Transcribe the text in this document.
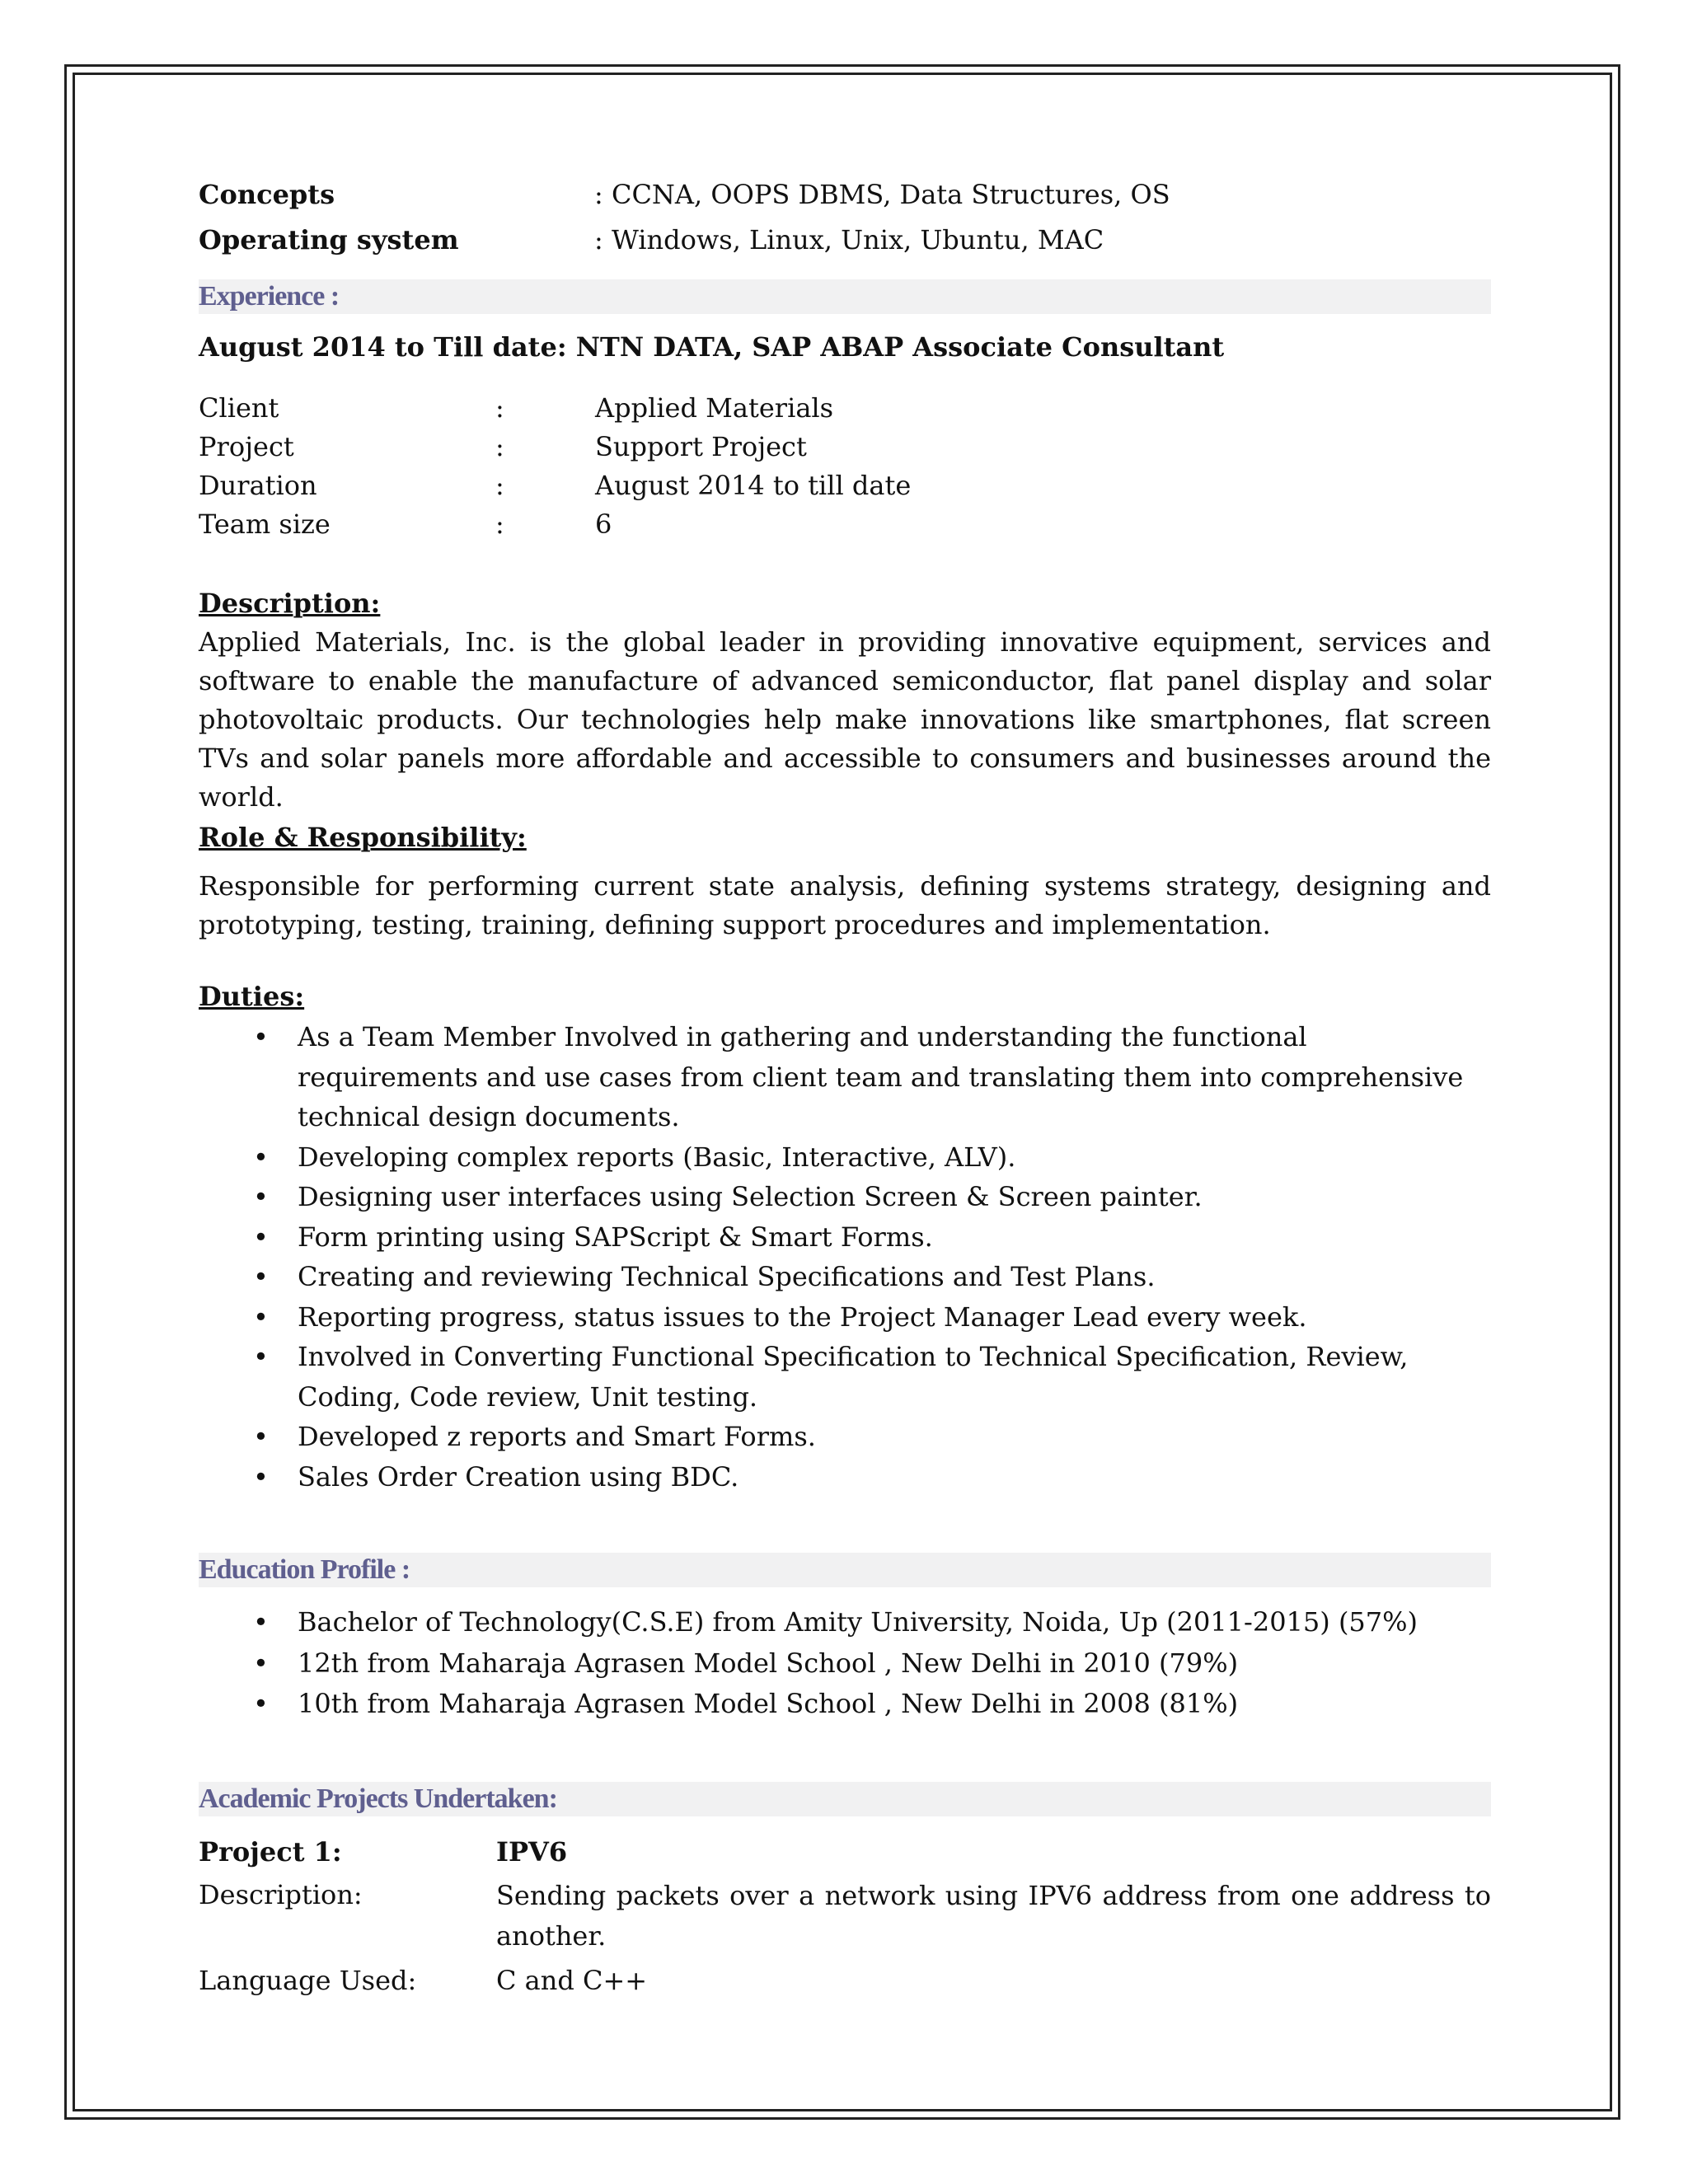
Concepts	: CCNA, OOPS DBMS, Data Structures, OS
Operating system	: Windows, Linux, Unix, Ubuntu, MAC
Experience :
August 2014 to Till date: NTN DATA, SAP ABAP Associate Consultant
Client	:	Applied Materials
Project	:	Support Project
Duration	:	August 2014 to till date
Team size	:	6
Description:
Applied Materials, Inc. is the global leader in providing innovative equipment, services and software to enable the manufacture of advanced semiconductor, flat panel display and solar photovoltaic products. Our technologies help make innovations like smartphones, flat screen TVs and solar panels more affordable and accessible to consumers and businesses around the world.
Role & Responsibility:
Responsible for performing current state analysis, defining systems strategy, designing and prototyping, testing, training, defining support procedures and implementation.
Duties:
• As a Team Member Involved in gathering and understanding the functional requirements and use cases from client team and translating them into comprehensive technical design documents.
• Developing complex reports (Basic, Interactive, ALV).
• Designing user interfaces using Selection Screen & Screen painter.
• Form printing using SAPScript & Smart Forms.
• Creating and reviewing Technical Specifications and Test Plans.
• Reporting progress, status issues to the Project Manager Lead every week.
• Involved in Converting Functional Specification to Technical Specification, Review, Coding, Code review, Unit testing.
• Developed z reports and Smart Forms.
• Sales Order Creation using BDC.
Education Profile :
• Bachelor of Technology(C.S.E) from Amity University, Noida, Up (2011-2015) (57%)
• 12th from Maharaja Agrasen Model School , New Delhi in 2010 (79%)
• 10th from Maharaja Agrasen Model School , New Delhi in 2008 (81%)
Academic Projects Undertaken:
Project 1:	IPV6
Description:	Sending packets over a network using IPV6 address from one address to another.
Language Used:	C and C++
